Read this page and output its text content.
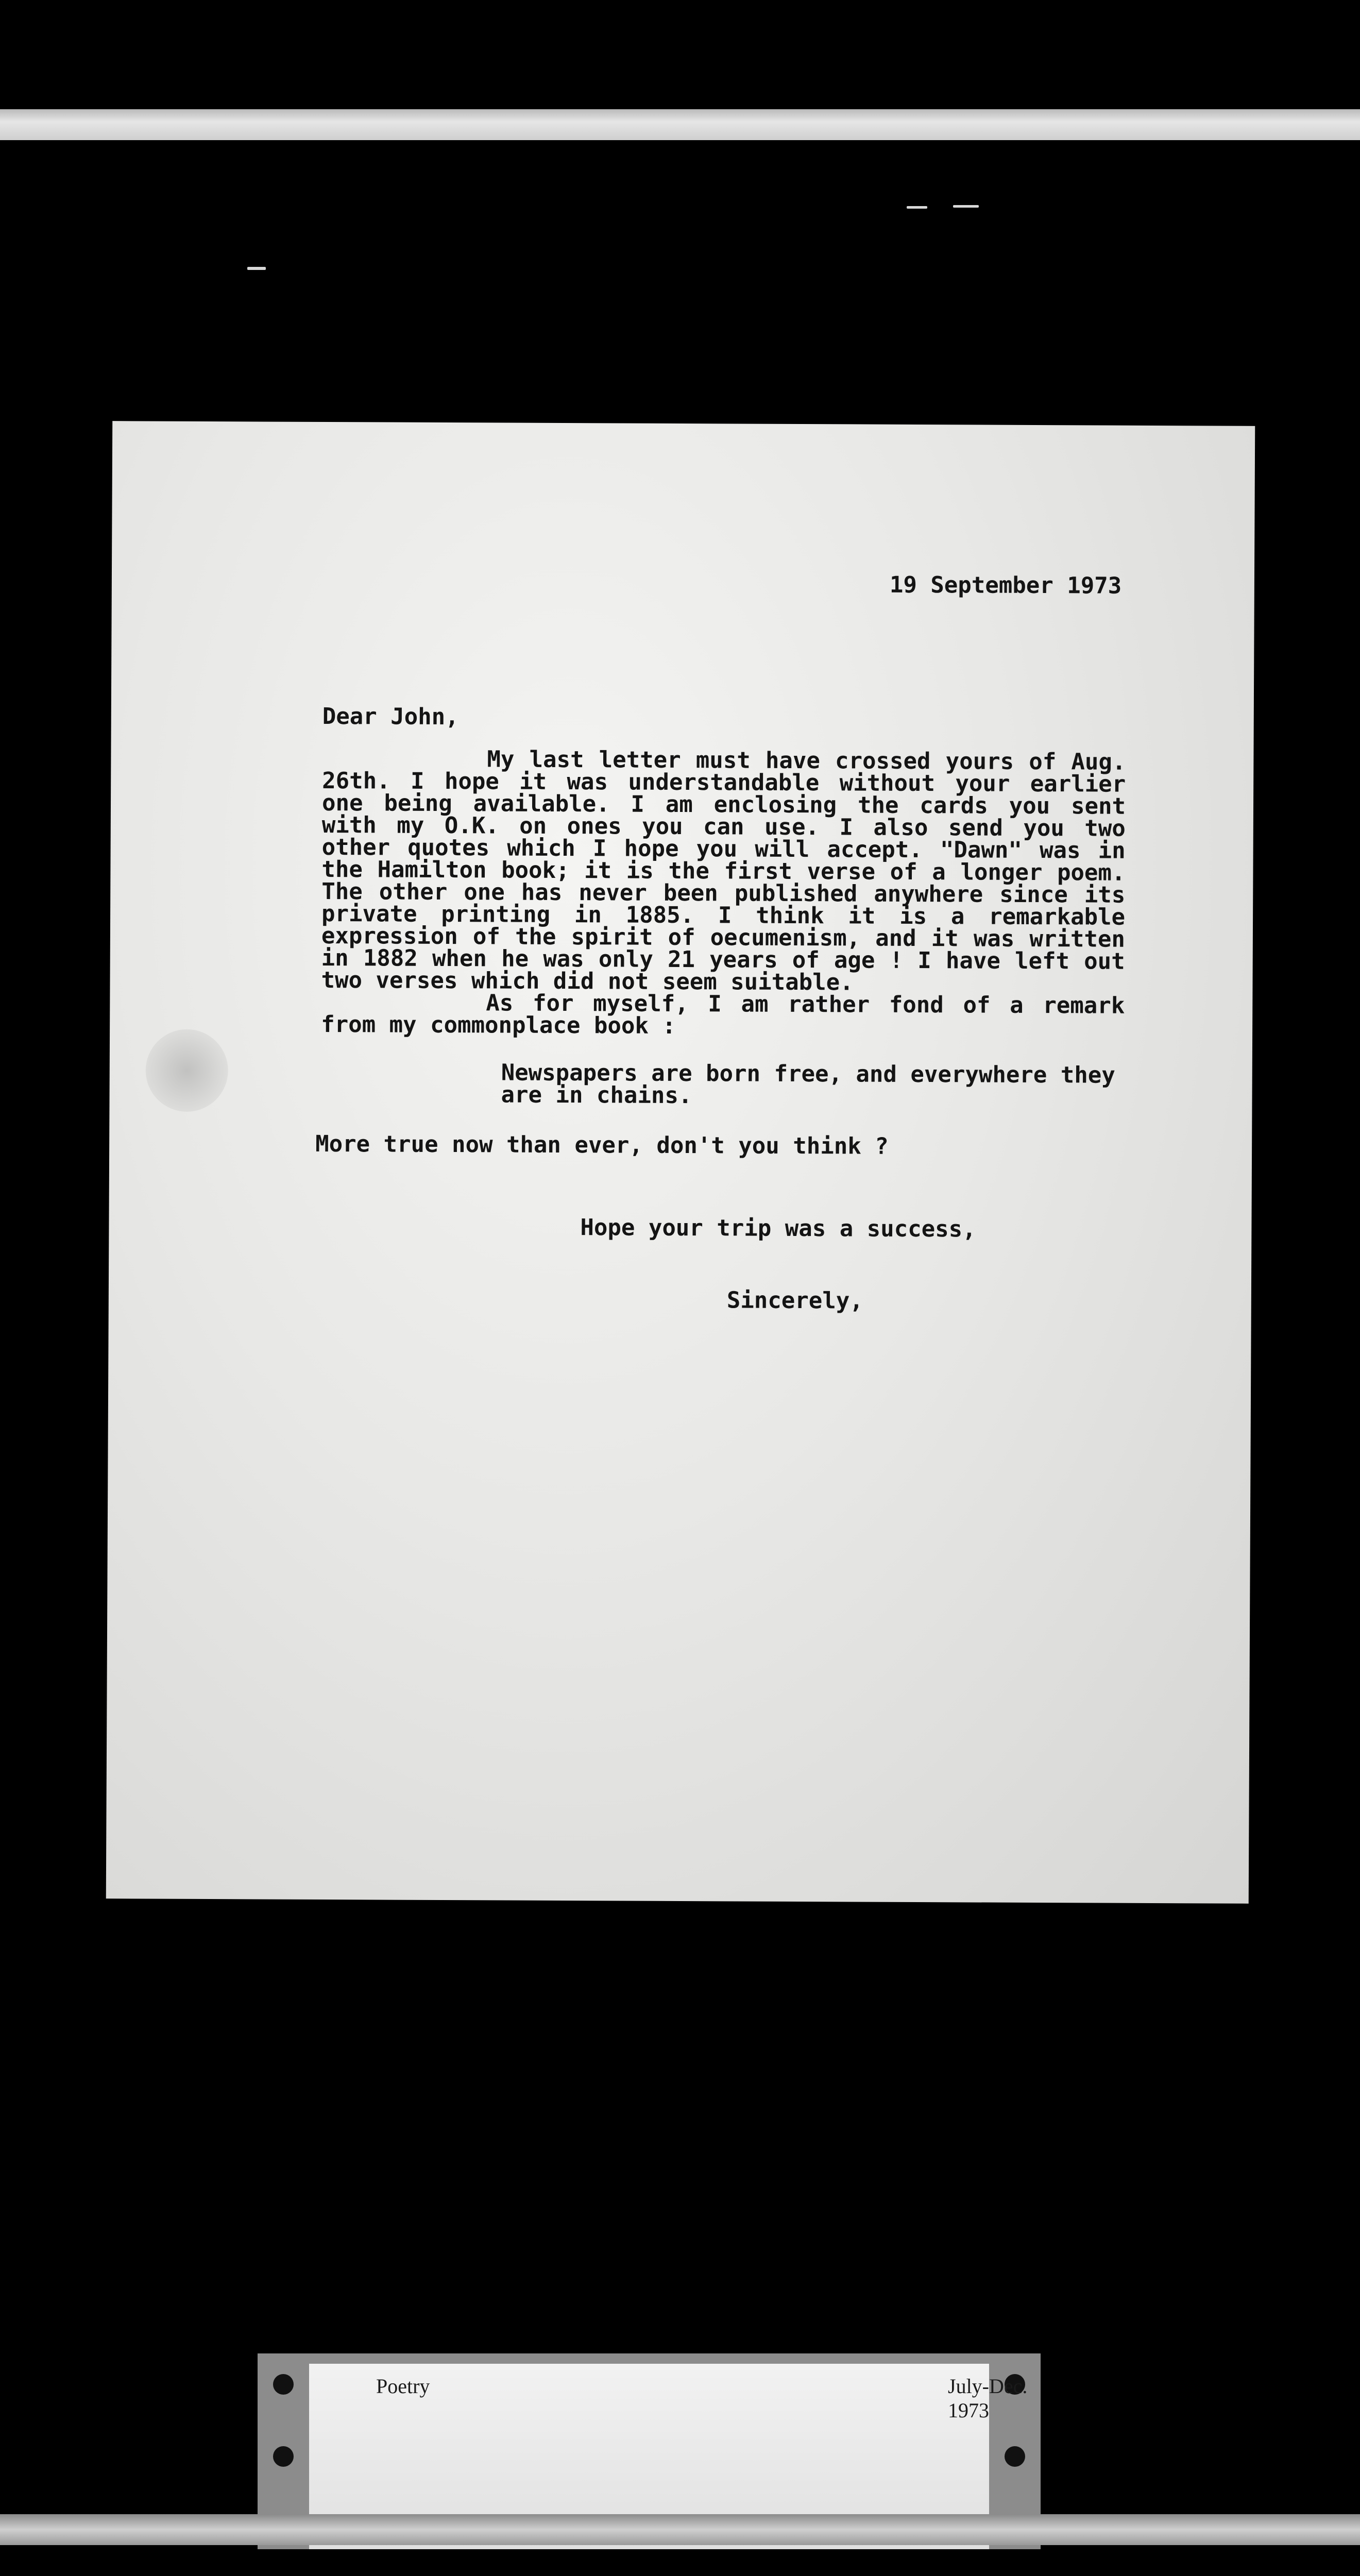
19 September 1973
Dear John,

My last letter must have crossed yours of Aug. 26th. I hope it was understandable without your earlier one being available. I am enclosing the cards you sent with my O.K. on ones you can use. I also send you two other quotes which I hope you will accept. "Dawn" was in the Hamilton book; it is the first verse of a longer poem. The other one has never been published anywhere since its private printing in 1885. I think it is a remarkable expression of the spirit of oecumenism, and it was written in 1882 when he was only 21 years of age ! I have left out two verses which did not seem suitable.

As for myself, I am rather fond of a remark from my commonplace book :

Newspapers are born free, and everywhere they are in chains.
More true now than ever, don't you think ?
Hope your trip was a success,
Sincerely,
Poetry	July-Dec. 1973
